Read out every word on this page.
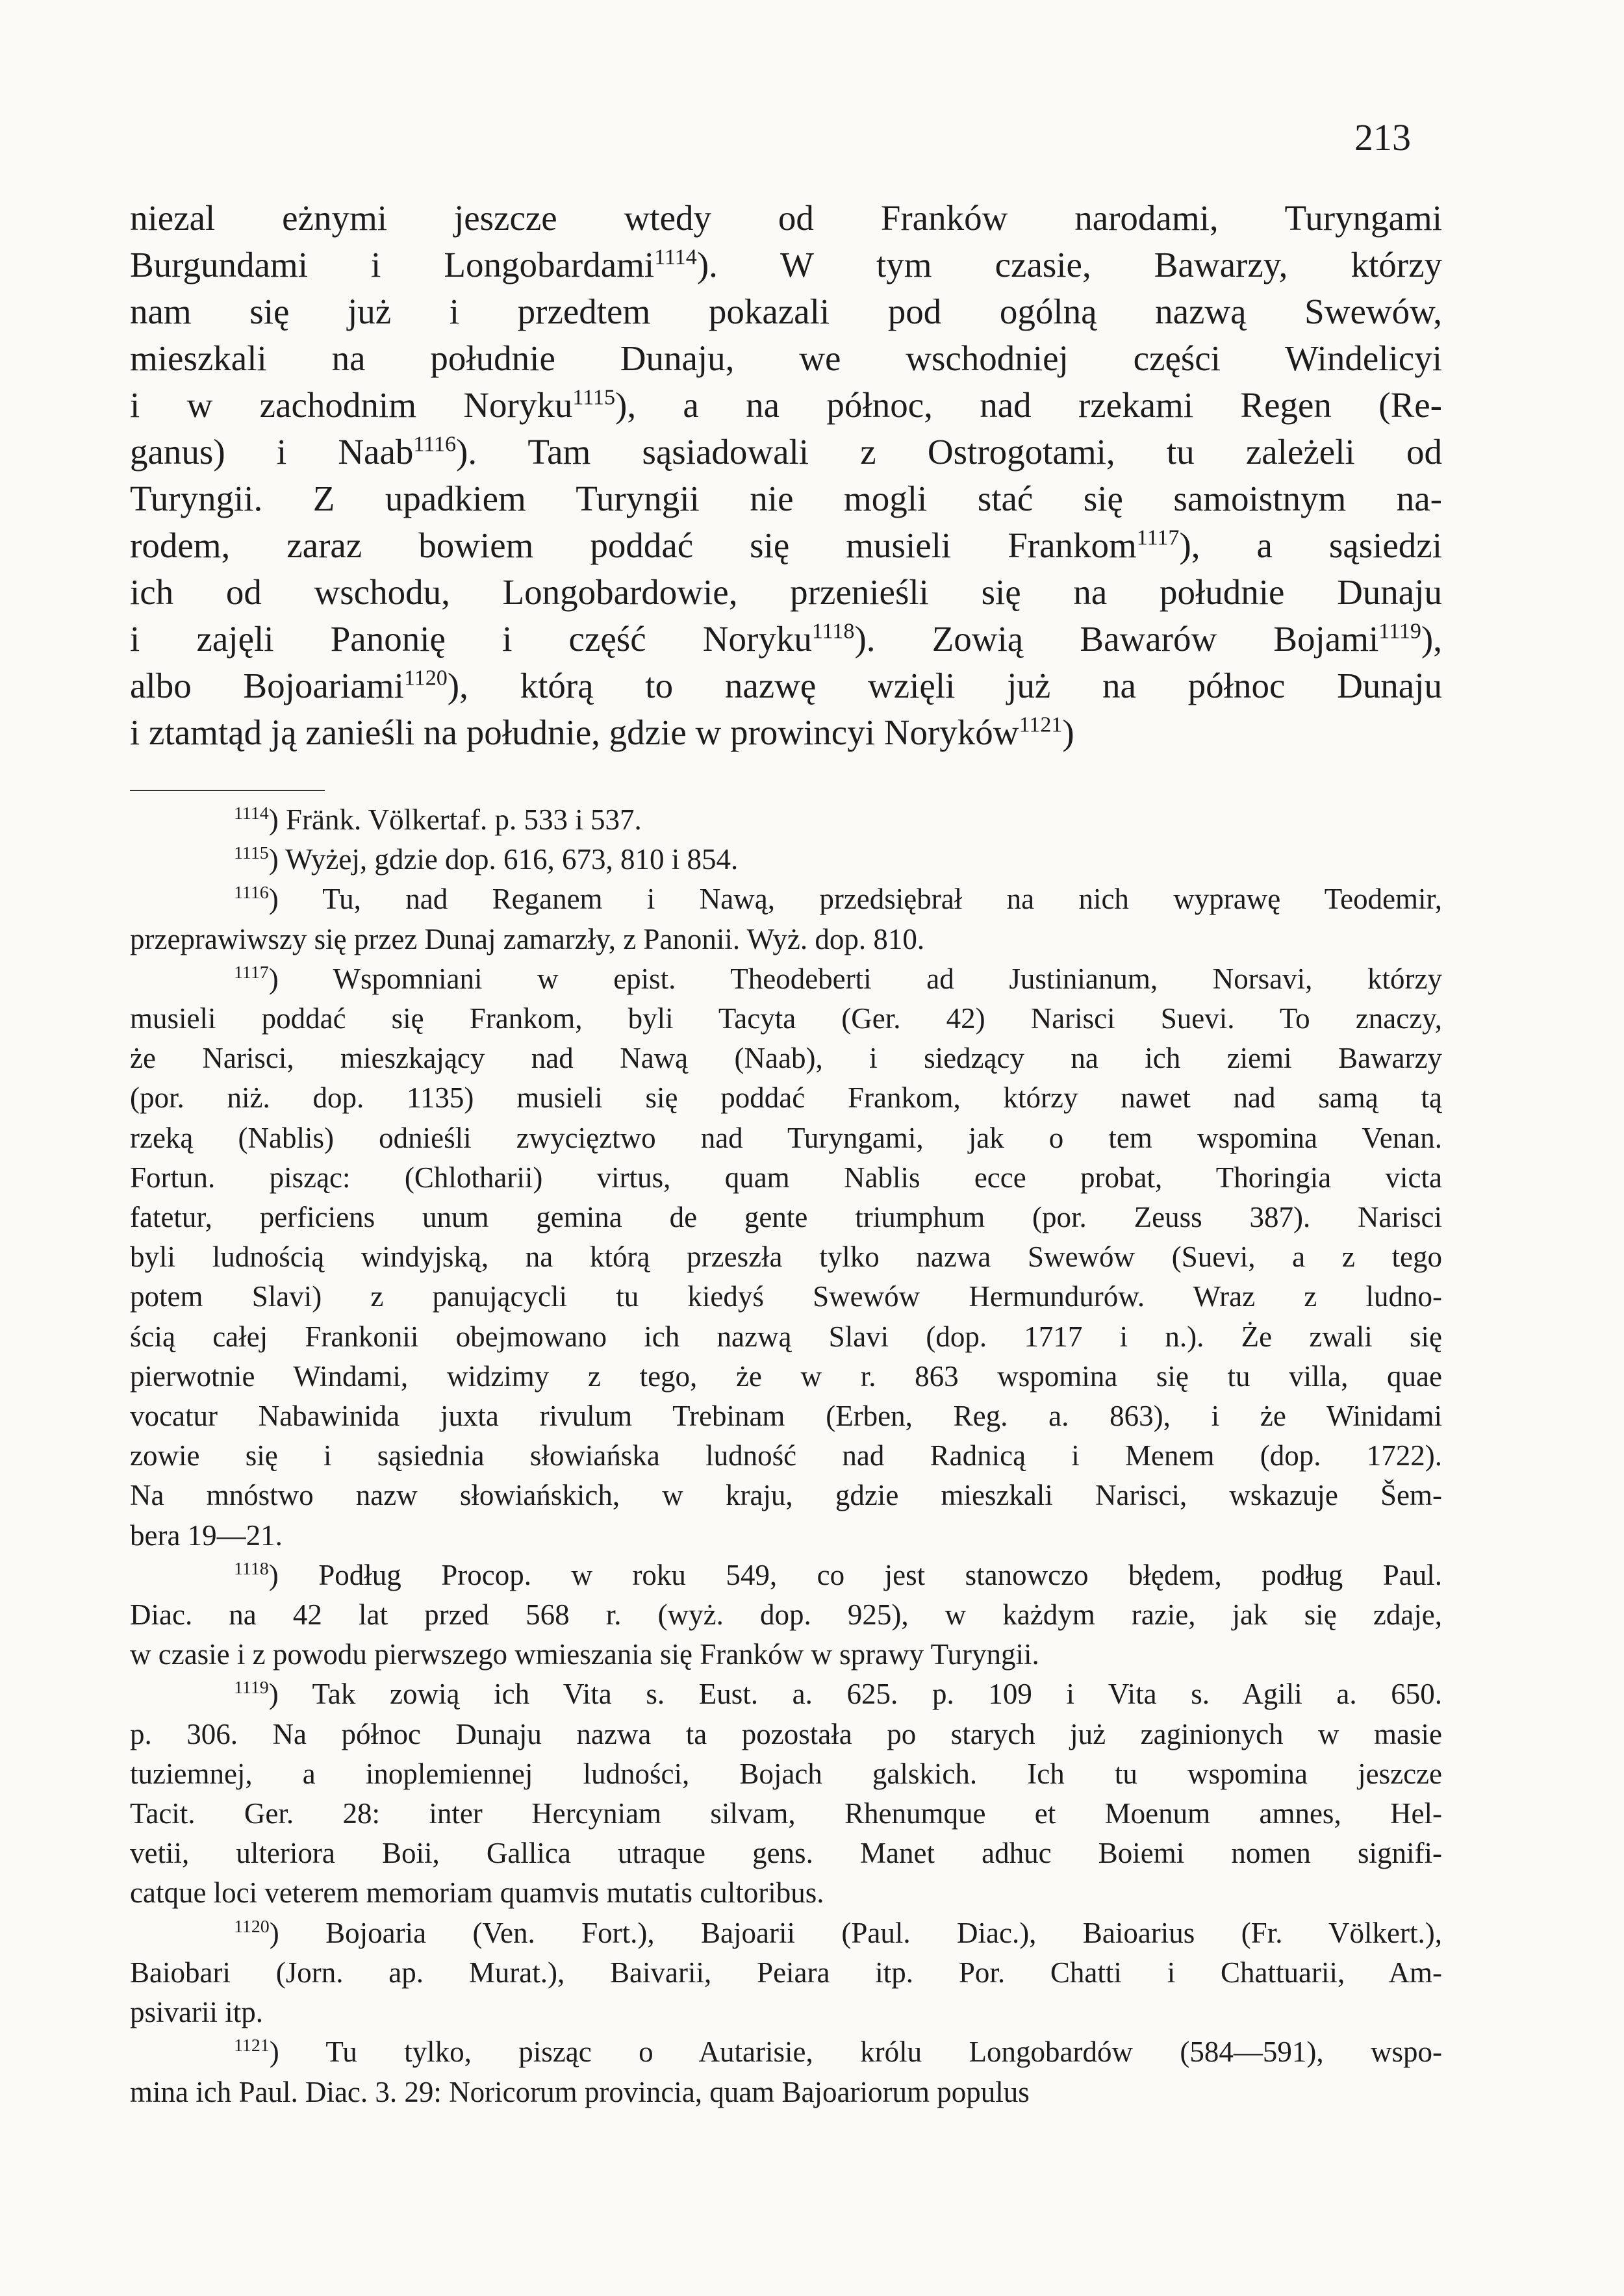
213
niezal eżnymi jeszcze wtedy od Franków narodami, Turyngami
Burgundami i Longobardami$^{1114}$). W tym czasie, Bawarzy, którzy
nam się już i przedtem pokazali pod ogólną nazwą Swewów,
mieszkali na południe Dunaju, we wschodniej części Windelicyi
i w zachodnim Noryku$^{1115}$), a na północ, nad rzekami Regen (Re-
ganus) i Naab$^{1116}$). Tam sąsiadowali z Ostrogotami, tu zależeli od
Turyngii. Z upadkiem Turyngii nie mogli stać się samoistnym na-
rodem, zaraz bowiem poddać się musieli Frankom$^{1117}$), a sąsiedzi
ich od wschodu, Longobardowie, przenieśli się na południe Dunaju
i zajęli Panonię i część Noryku$^{1118}$). Zowią Bawarów Bojami$^{1119}$),
albo Bojoariami$^{1120}$), którą to nazwę wzięli już na północ Dunaju
i ztamtąd ją zanieśli na południe, gdzie w prowincyi Noryków$^{1121}$)
$^{1114}$) Fränk. Völkertaf. p. 533 i 537.
$^{1115}$) Wyżej, gdzie dop. 616, 673, 810 i 854.
$^{1116}$) Tu, nad Reganem i Nawą, przedsiębrał na nich wyprawę Teodemir,
przeprawiwszy się przez Dunaj zamarzły, z Panonii. Wyż. dop. 810.
$^{1117}$) Wspomniani w epist. Theodeberti ad Justinianum, Norsavi, którzy
musieli poddać się Frankom, byli Tacyta (Ger. 42) Narisci Suevi. To znaczy,
że Narisci, mieszkający nad Nawą (Naab), i siedzący na ich ziemi Bawarzy
(por. niż. dop. 1135) musieli się poddać Frankom, którzy nawet nad samą tą
rzeką (Nablis) odnieśli zwycięztwo nad Turyngami, jak o tem wspomina Venan.
Fortun. pisząc: (Chlotharii) virtus, quam Nablis ecce probat, Thoringia victa
fatetur, perficiens unum gemina de gente triumphum (por. Zeuss 387). Narisci
byli ludnością windyjską, na którą przeszła tylko nazwa Swewów (Suevi, a z tego
potem Slavi) z panującycli tu kiedyś Swewów Hermundurów. Wraz z ludno-
ścią całej Frankonii obejmowano ich nazwą Slavi (dop. 1717 i n.). Że zwali się
pierwotnie Windami, widzimy z tego, że w r. 863 wspomina się tu villa, quae
vocatur Nabawinida juxta rivulum Trebinam (Erben, Reg. a. 863), i że Winidami
zowie się i sąsiednia słowiańska ludność nad Radnicą i Menem (dop. 1722).
Na mnóstwo nazw słowiańskich, w kraju, gdzie mieszkali Narisci, wskazuje Šem-
bera 19—21.
$^{1118}$) Podług Procop. w roku 549, co jest stanowczo błędem, podług Paul.
Diac. na 42 lat przed 568 r. (wyż. dop. 925), w każdym razie, jak się zdaje,
w czasie i z powodu pierwszego wmieszania się Franków w sprawy Turyngii.
$^{1119}$) Tak zowią ich Vita s. Eust. a. 625. p. 109 i Vita s. Agili a. 650.
p. 306. Na północ Dunaju nazwa ta pozostała po starych już zaginionych w masie
tuziemnej, a inoplemiennej ludności, Bojach galskich. Ich tu wspomina jeszcze
Tacit. Ger. 28: inter Hercyniam silvam, Rhenumque et Moenum amnes, Hel-
vetii, ulteriora Boii, Gallica utraque gens. Manet adhuc Boiemi nomen signifi-
catque loci veterem memoriam quamvis mutatis cultoribus.
$^{1120}$) Bojoaria (Ven. Fort.), Bajoarii (Paul. Diac.), Baioarius (Fr. Völkert.),
Baiobari (Jorn. ap. Murat.), Baivarii, Peiara itp. Por. Chatti i Chattuarii, Am-
psivarii itp.
$^{1121}$) Tu tylko, pisząc o Autarisie, królu Longobardów (584—591), wspo-
mina ich Paul. Diac. 3. 29: Noricorum provincia, quam Bajoariorum populus
